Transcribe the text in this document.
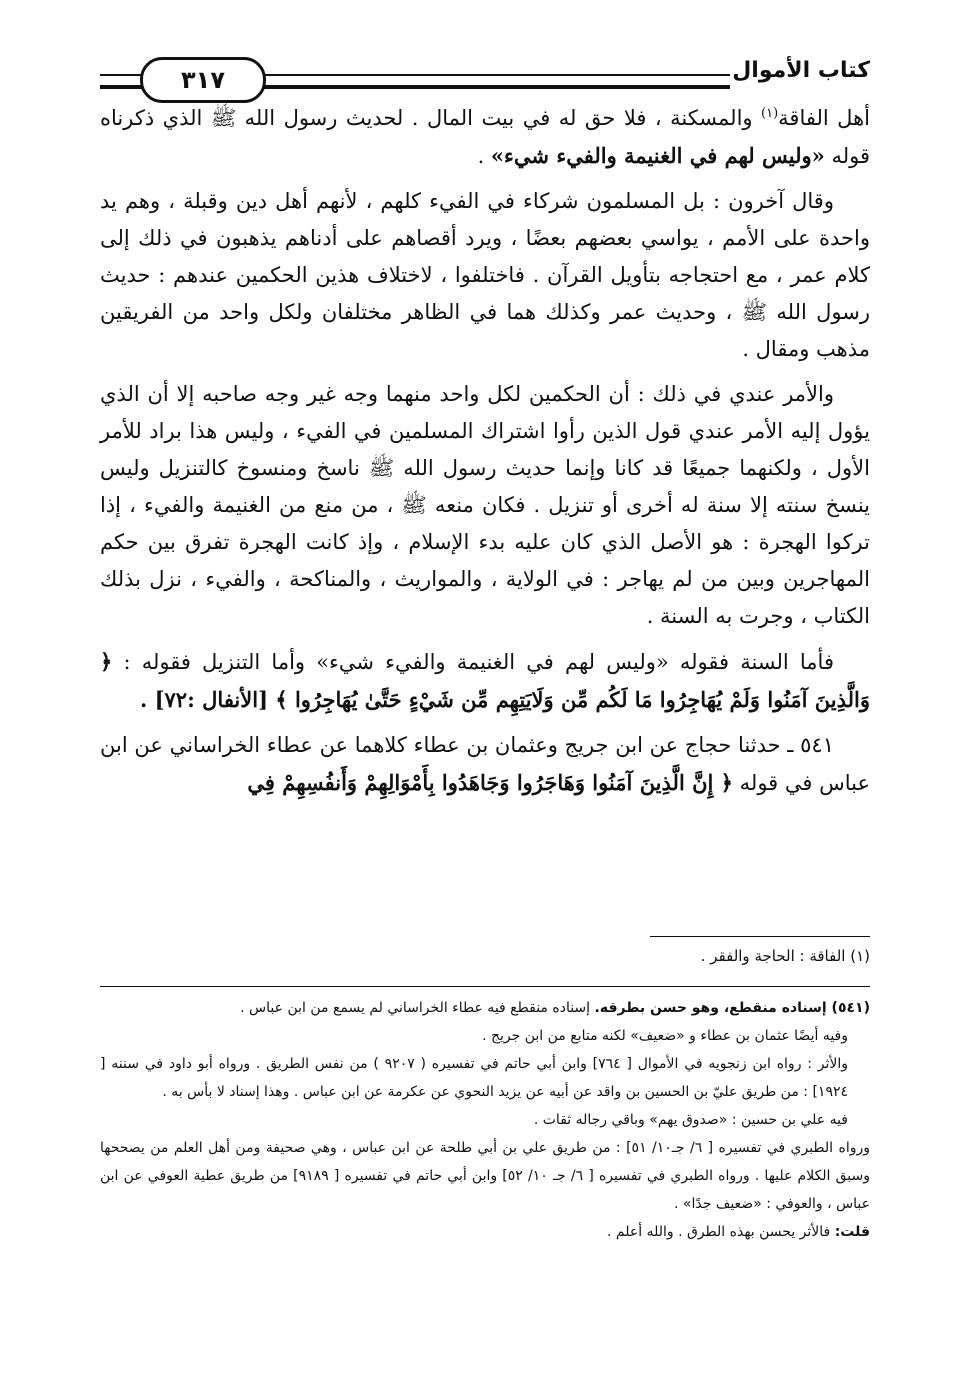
٣١٧	كتاب الأموال

أهل الفاقة$^{(١)}$ والمسكنة ، فلا حق له في بيت المال . لحديث رسول الله ﷺ الذي ذكرناه قوله «وليس لهم في الغنيمة والفيء شيء» .

وقال آخرون : بل المسلمون شركاء في الفيء كلهم ، لأنهم أهل دين وقبلة ، وهم يد واحدة على الأمم ، يواسي بعضهم بعضًا ، ويرد أقصاهم على أدناهم يذهبون في ذلك إلى كلام عمر ، مع احتجاجه بتأويل القرآن . فاختلفوا ، لاختلاف هذين الحكمين عندهم : حديث رسول الله ﷺ ، وحديث عمر وكذلك هما في الظاهر مختلفان ولكل واحد من الفريقين مذهب ومقال .

والأمر عندي في ذلك : أن الحكمين لكل واحد منهما وجه غير وجه صاحبه إلا أن الذي يؤول إليه الأمر عندي قول الذين رأوا اشتراك المسلمين في الفيء ، وليس هذا براد للأمر الأول ، ولكنهما جميعًا قد كانا وإنما حديث رسول الله ﷺ ناسخ ومنسوخ كالتنزيل وليس ينسخ سنته إلا سنة له أخرى أو تنزيل . فكان منعه ﷺ ، من منع من الغنيمة والفيء ، إذا تركوا الهجرة : هو الأصل الذي كان عليه بدء الإسلام ، وإذ كانت الهجرة تفرق بين حكم المهاجرين وبين من لم يهاجر : في الولاية ، والمواريث ، والمناكحة ، والفيء ، نزل بذلك الكتاب ، وجرت به السنة .

فأما السنة فقوله «وليس لهم في الغنيمة والفيء شيء» وأما التنزيل فقوله : ﴿ وَالَّذِينَ آمَنُوا وَلَمْ يُهَاجِرُوا مَا لَكُم مِّن وَلَايَتِهِم مِّن شَيْءٍ حَتَّىٰ يُهَاجِرُوا ﴾ [الأنفال :٧٢] .

٥٤١ ـ حدثنا حجاج عن ابن جريج وعثمان بن عطاء كلاهما عن عطاء الخراساني عن ابن عباس في قوله ﴿ إِنَّ الَّذِينَ آمَنُوا وَهَاجَرُوا وَجَاهَدُوا بِأَمْوَالِهِمْ وَأَنفُسِهِمْ فِي

(١) الفاقة : الحاجة والفقر .

(٥٤١) إسناده منقطع، وهو حسن بطرقه. إسناده منقطع فيه عطاء الخراساني لم يسمع من ابن عباس .

وفيه أيضًا عثمان بن عطاء و «ضعيف» لكنه متابع من ابن جريج .

والأثر : رواه ابن زنجويه في الأموال [ ٧٦٤] وابن أبي حاتم في تفسيره ( ٩٢٠٧ ) من نفس الطريق . ورواه أبو داود في سننه [ ١٩٢٤] : من طريق عليّ بن الحسين بن واقد عن أبيه عن يزيد النحوي عن عكرمة عن ابن عباس . وهذا إسناد لا بأس به .

فيه علي بن حسين : «صدوق يهم» وباقي رجاله ثقات .

ورواه الطبري في تفسيره [ ٦/ جـ١٠/ ٥١] : من طريق علي بن أبي طلحة عن ابن عباس ، وهي صحيفة ومن أهل العلم من يصححها وسبق الكلام عليها . ورواه الطبري في تفسيره [ ٦/ جـ ١٠/ ٥٢] وابن أبي حاتم في تفسيره [ ٩١٨٩] من طريق عطية العوفي عن ابن عباس ، والعوفي : «ضعيف جدًا» .

قلت: فالأثر يحسن بهذه الطرق . والله أعلم .
